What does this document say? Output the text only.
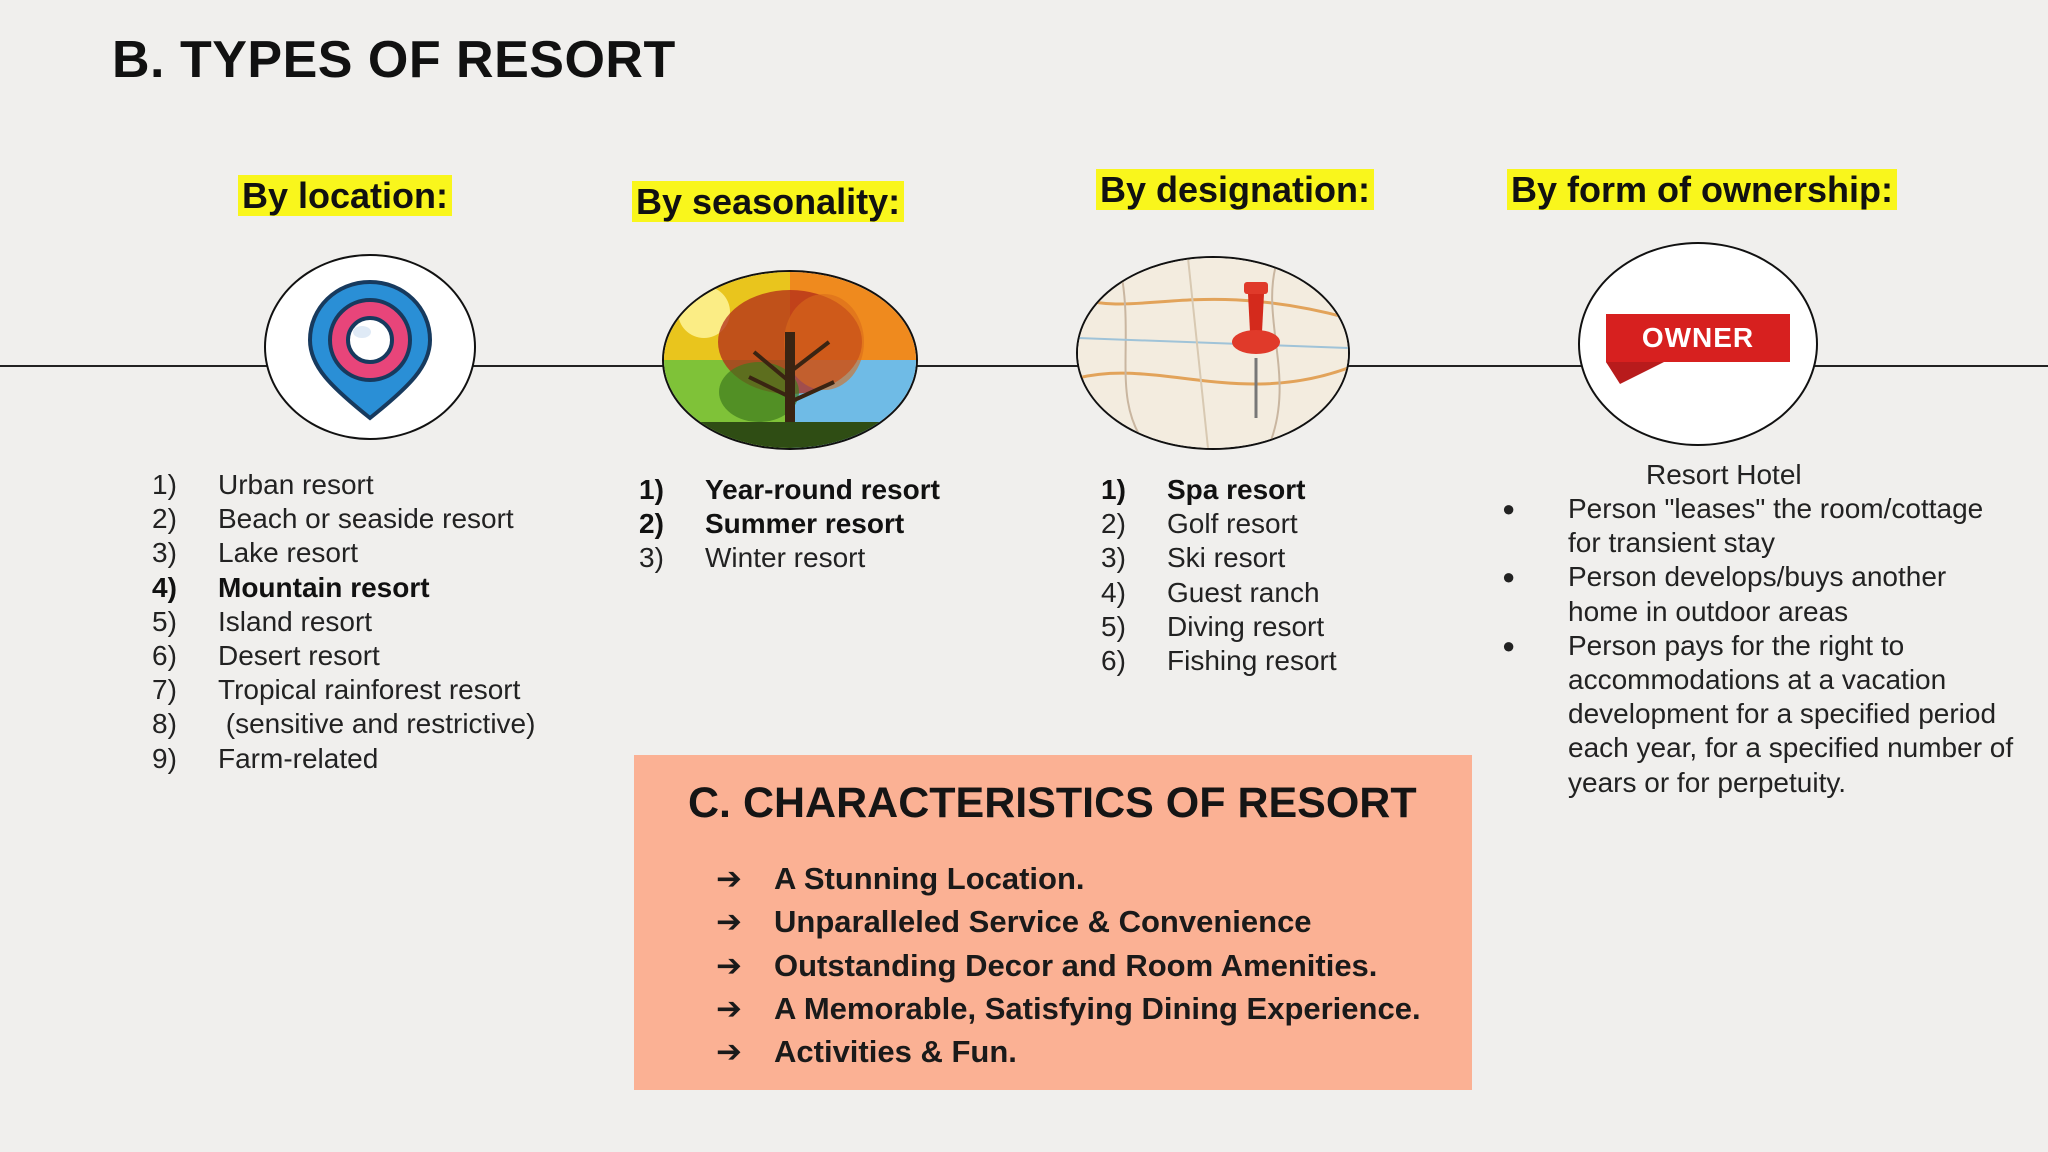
B. TYPES OF RESORT
By location:	By seasonality:	By designation:	By form of ownership:
OWNER
1)	Urban resort
2)	Beach or seaside resort
3)	Lake resort
4)	Mountain resort
5)	Island resort
6)	Desert resort
7)	Tropical rainforest resort
8)	(sensitive and restrictive)
9)	Farm-related
1)	Year-round resort
2)	Summer resort
3)	Winter resort
1)	Spa resort
2)	Golf resort
3)	Ski resort
4)	Guest ranch
5)	Diving resort
6)	Fishing resort
Resort Hotel
●	Person "leases" the room/cottage for transient stay
●	Person develops/buys another home in outdoor areas
●	Person pays for the right to accommodations at a vacation development for a specified period each year, for a specified number of years or for perpetuity.
C. CHARACTERISTICS OF RESORT
➔	A Stunning Location.
➔	Unparalleled Service & Convenience
➔	Outstanding Decor and Room Amenities.
➔	A Memorable, Satisfying Dining Experience.
➔	Activities & Fun.
